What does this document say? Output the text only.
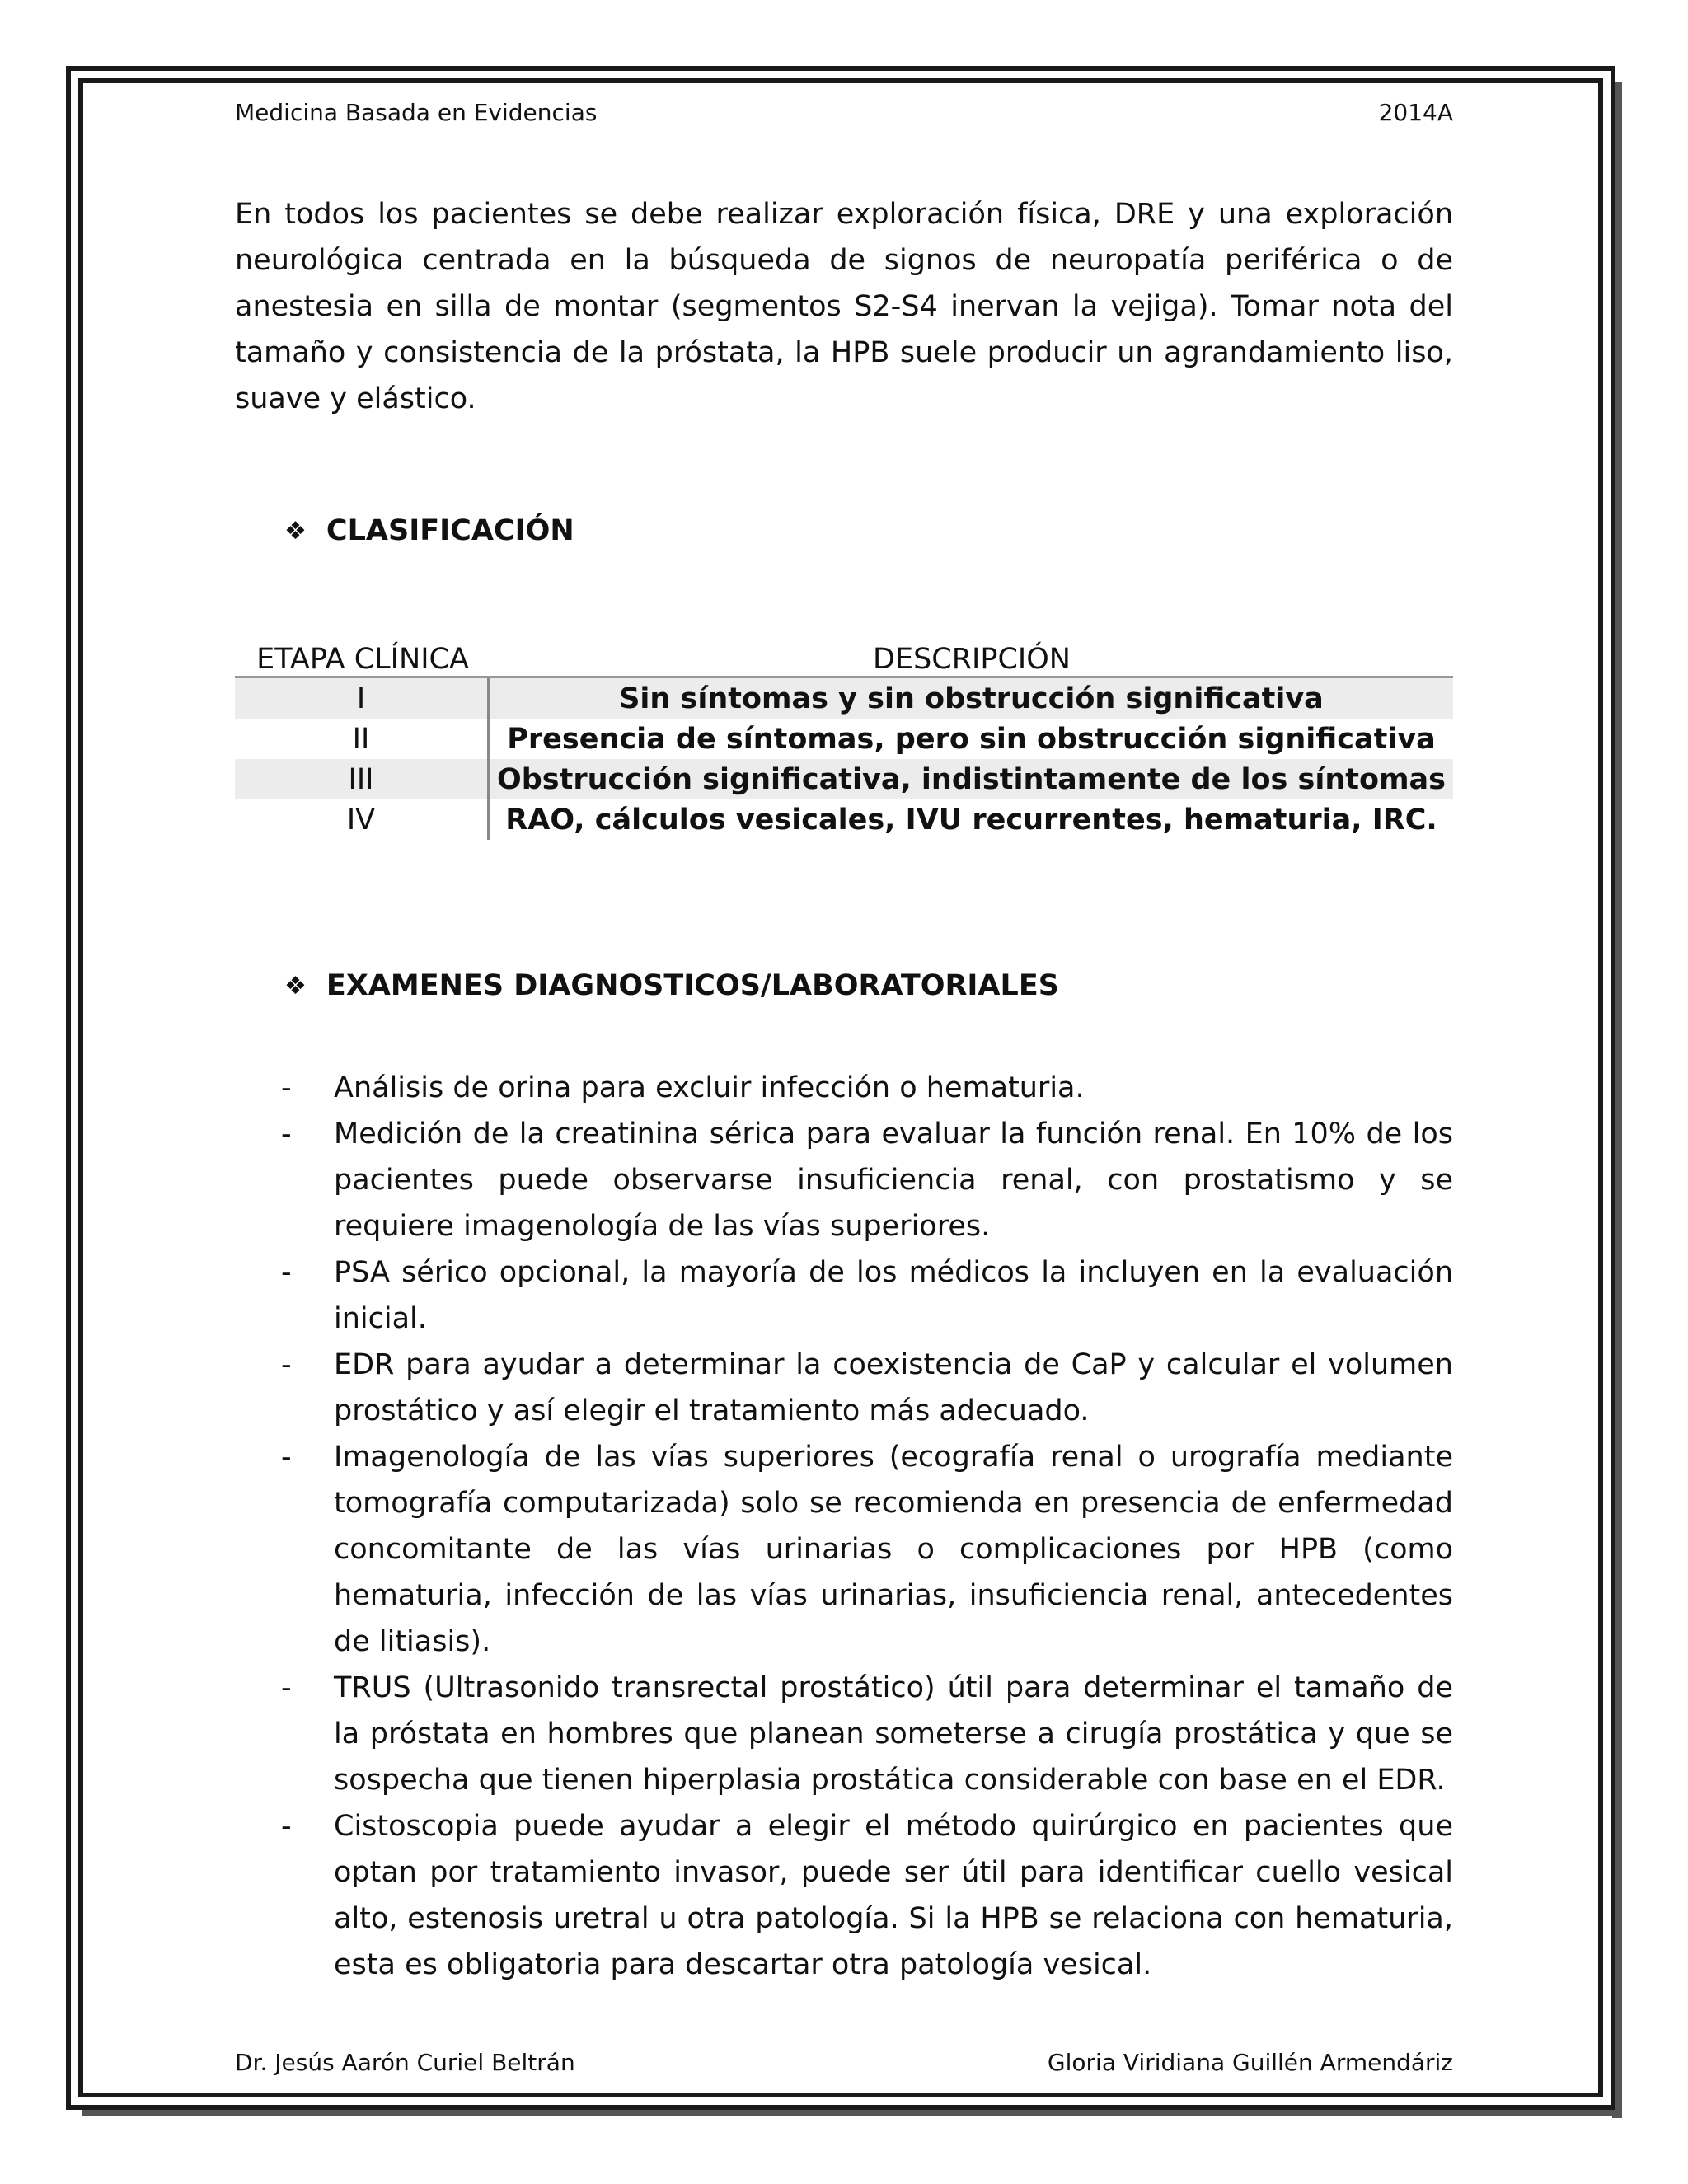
Medicina Basada en Evidencias	2014A
En todos los pacientes se debe realizar exploración física, DRE y una exploración neurológica centrada en la búsqueda de signos de neuropatía periférica o de anestesia en silla de montar (segmentos S2-S4 inervan la vejiga). Tomar nota del tamaño y consistencia de la próstata, la HPB suele producir un agrandamiento liso, suave y elástico.
❖ CLASIFICACIÓN
ETAPA CLÍNICA	DESCRIPCIÓN
I	Sin síntomas y sin obstrucción significativa
II	Presencia de síntomas, pero sin obstrucción significativa
III	Obstrucción significativa, indistintamente de los síntomas
IV	RAO, cálculos vesicales, IVU recurrentes, hematuria, IRC.
❖ EXAMENES DIAGNOSTICOS/LABORATORIALES
-	Análisis de orina para excluir infección o hematuria.
-	Medición de la creatinina sérica para evaluar la función renal. En 10% de los pacientes puede observarse insuficiencia renal, con prostatismo y se requiere imagenología de las vías superiores.
-	PSA sérico opcional, la mayoría de los médicos la incluyen en la evaluación inicial.
-	EDR para ayudar a determinar la coexistencia de CaP y calcular el volumen prostático y así elegir el tratamiento más adecuado.
-	Imagenología de las vías superiores (ecografía renal o urografía mediante tomografía computarizada) solo se recomienda en presencia de enfermedad concomitante de las vías urinarias o complicaciones por HPB (como hematuria, infección de las vías urinarias, insuficiencia renal, antecedentes de litiasis).
-	TRUS (Ultrasonido transrectal prostático) útil para determinar el tamaño de la próstata en hombres que planean someterse a cirugía prostática y que se sospecha que tienen hiperplasia prostática considerable con base en el EDR.
-	Cistoscopia puede ayudar a elegir el método quirúrgico en pacientes que optan por tratamiento invasor, puede ser útil para identificar cuello vesical alto, estenosis uretral u otra patología. Si la HPB se relaciona con hematuria, esta es obligatoria para descartar otra patología vesical.
Dr. Jesús Aarón Curiel Beltrán	Gloria Viridiana Guillén Armendáriz
